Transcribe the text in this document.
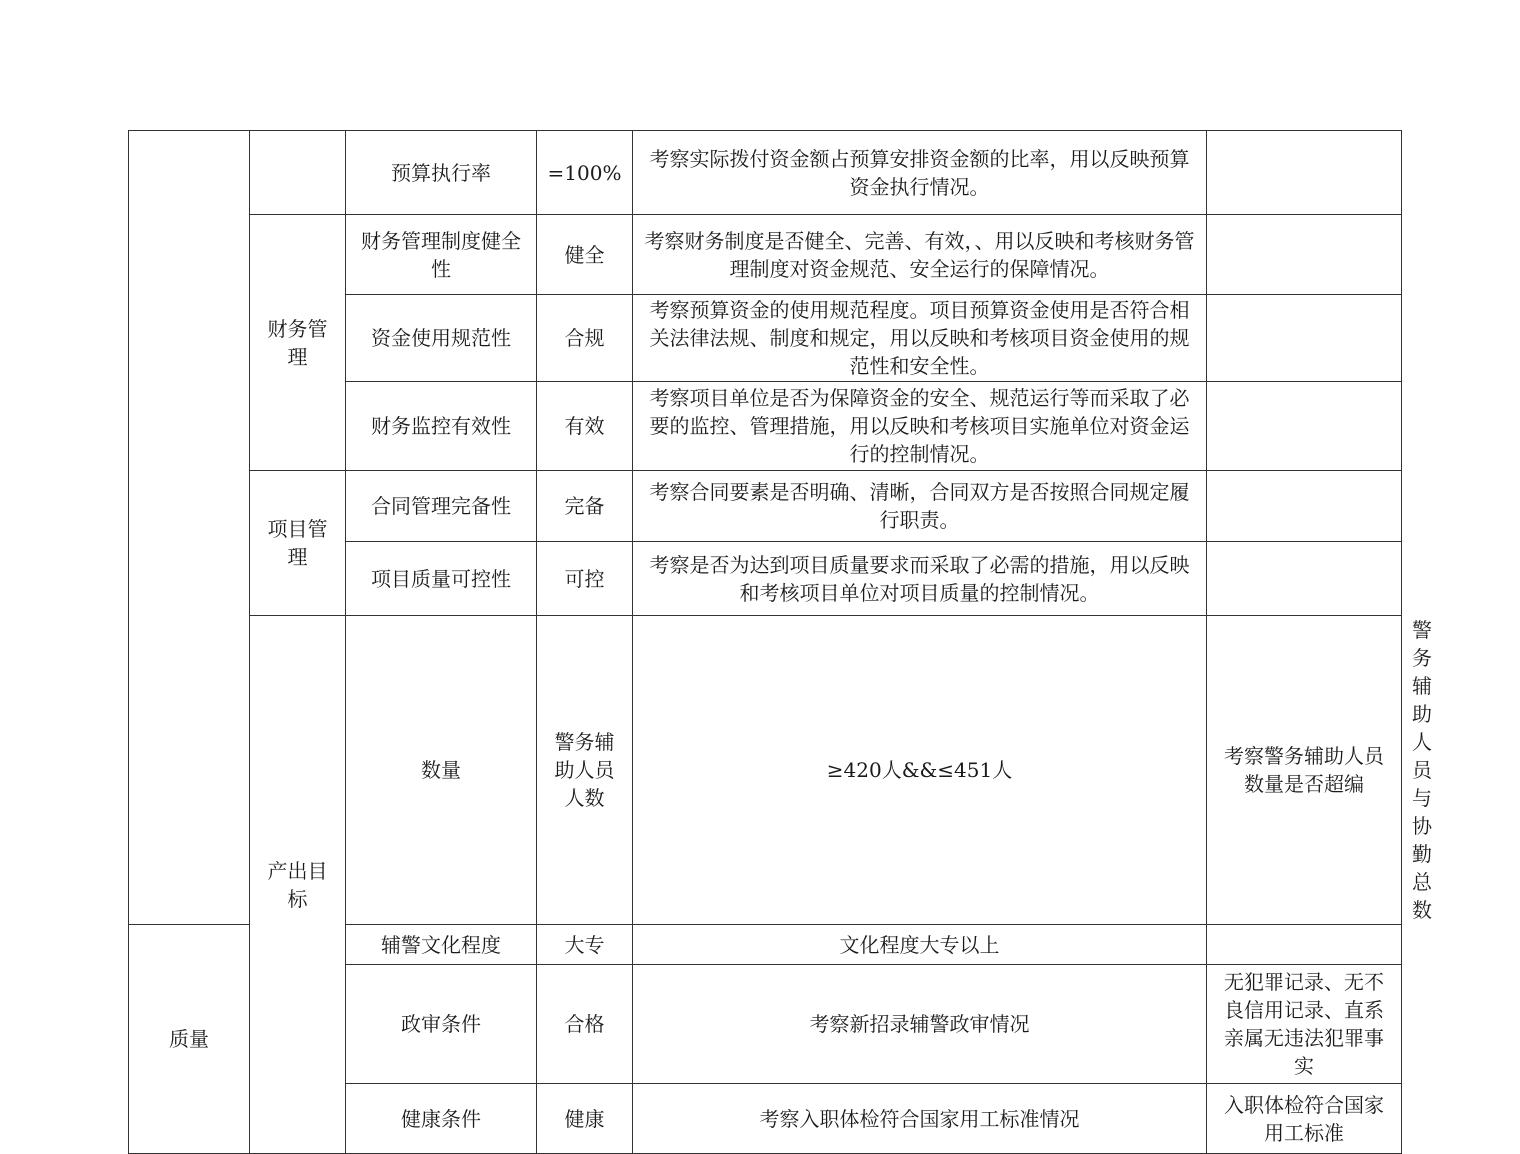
		预算执行率	=100%	考察实际拨付资金额占预算安排资金额的比率，用以反映预算资金执行情况。		
	财务管理	财务管理制度健全性	健全	考察财务制度是否健全、完善、有效，、用以反映和考核财务管理制度对资金规范、安全运行的保障情况。		
		资金使用规范性	合规	考察预算资金的使用规范程度。项目预算资金使用是否符合相关法律法规、制度和规定，用以反映和考核项目资金使用的规范性和安全性。		
		财务监控有效性	有效	考察项目单位是否为保障资金的安全、规范运行等而采取了必要的监控、管理措施，用以反映和考核项目实施单位对资金运行的控制情况。		
	项目管理	合同管理完备性	完备	考察合同要素是否明确、清晰，合同双方是否按照合同规定履行职责。		
		项目质量可控性	可控	考察是否为达到项目质量要求而采取了必需的措施，用以反映和考核项目单位对项目质量的控制情况。		
	产出目标	数量	警务辅助人员人数	≥420人&&≤451人	考察警务辅助人员数量是否超编	警务辅助人员与协勤总数
质量		辅警文化程度	大专	文化程度大专以上		
		政审条件	合格	考察新招录辅警政审情况	无犯罪记录、无不良信用记录、直系亲属无违法犯罪事实	
		健康条件	健康	考察入职体检符合国家用工标准情况	入职体检符合国家用工标准	
